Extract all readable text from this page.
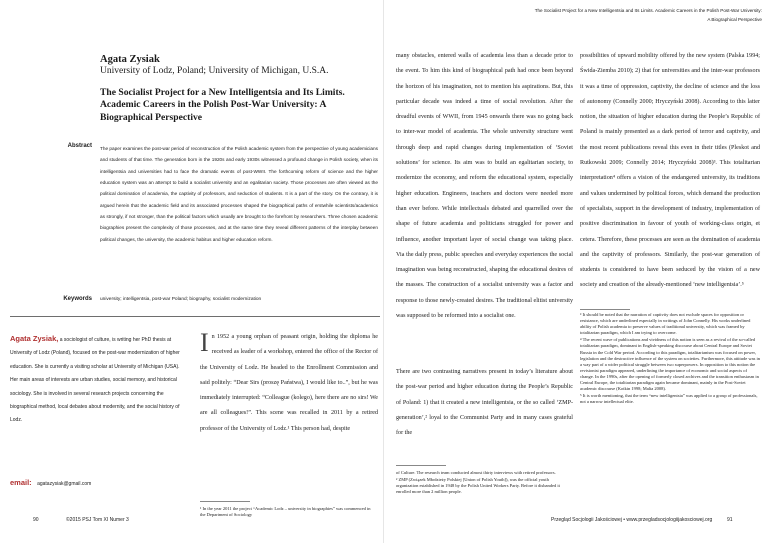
Agata Zysiak
University of Lodz, Poland; University of Michigan, U.S.A.
The Socialist Project for a New Intelligentsia and Its Limits. Academic Careers in the Polish Post-War University: A Biographical Perspective
Abstract The paper examines the post-war period of reconstruction of the Polish academic system from the perspective of young academicians and students of that time. The generation born in the 1920s and early 1930s witnessed a profound change in Polish society, when its intelligentsia and universities had to face the dramatic events of post-WWII. The forthcoming reform of science and the higher education system was an attempt to build a socialist university and an egalitarian society. Those processes are often viewed as the political domination of academia, the captivity of professors, and seduction of students. It is a part of the story. On the contrary, it is argued herein that the academic field and its associated processes shaped the biographical paths of erstwhile scientists/academics as strongly, if not stronger, than the political factors which usually are brought to the forefront by researchers. Three chosen academic biographies present the complexity of those processes, and at the same time they reveal different patterns of the interplay between political changes, the university, the academic habitus and higher education reform.
Keywords university; intelligentsia, post-war Poland; biography, socialist modernization
Agata Zysiak, a sociologist of culture, is writing her PhD thesis at University of Lodz (Poland), focused on the post-war modernization of higher education. She is currently a visiting scholar at University of Michigan (USA). Her main areas of interests are urban studies, social memory, and historical sociology. She is involved in several research projects concerning the biographical method, local debates about modernity, and the social history of Lodz.
email: agatazysiak@gmail.com
I n 1952 a young orphan of peasant origin, holding the diploma he received as leader of a workshop, entered the office of the Rector of the University of Lodz. He headed to the Enrollment Commission and said politely: “Dear Sirs (proszę Państwa), I would like to..”, but he was immediately interrupted: “Colleague (kolego), here there are no sirs! We are all colleagues!”. This scene was recalled in 2011 by a retired professor of the University of Lodz.¹ This person had, despite
¹ In the year 2011 the project “Academic Lodz – university in biographies” was commenced in the Department of Sociology
90	©2015 PSJ Tom XI Numer 3
The Socialist Project for a New Intelligentsia and Its Limits. Academic Careers in the Polish Post-War University:
A Biographical Perspective
many obstacles, entered walls of academia less than a decade prior to the event. To him this kind of biographical path had once been beyond the horizon of his imagination, not to mention his aspirations. But, this particular decade was indeed a time of social revolution. After the dreadful events of WWII, from 1945 onwards there was no going back to inter-war model of academia. The whole university structure went through deep and rapid changes during implementation of ‘Soviet solutions’ for science. Its aim was to build an egalitarian society, to modernize the economy, and reform the educational system, especially higher education. Engineers, teachers and doctors were needed more than ever before. While intellectuals debated and quarrelled over the shape of future academia and politicians struggled for power and influence, another important layer of social change was taking place. Via the daily press, public speeches and everyday experiences the social imagination was being reconstructed, shaping the educational desires of the masses. The construction of a socialist university was a factor and response to those newly-created desires. The traditional elitist university was supposed to be reformed into a socialist one.
There are two contrasting narratives present in today’s literature about the post-war period and higher education during the People’s Republic of Poland: 1) that it created a new intelligentsia, or the so called ‘ZMP-generation’,² loyal to the Communist Party and in many cases grateful for the
of Culture. The research team conducted almost thirty interviews with retired professors.
² ZMP (Związek Młodzieży Polskiej [Union of Polish Youth]), was the official youth organization established in 1948 by the Polish United Workers Party. Before it disbanded it enrolled more than 2 million people.
possibilities of upward mobility offered by the new system (Palska 1994; Świda-Ziemba 2010); 2) that for universities and the inter-war professors it was a time of oppression, captivity, the decline of science and the loss of autonomy (Connelly 2000; Hryczyński 2008). According to this latter notion, the situation of higher education during the People’s Republic of Poland is mainly presented as a dark period of terror and captivity, and the most recent publications reveal this even in their titles (Pleskot and Rutkowski 2009; Connelly 2014; Hryczyński 2008)³. This totalitarian interpretation⁴ offers a vision of the endangered university, its traditions and values undermined by political forces, which demand the production of specialists, support in the development of industry, implementation of positive discrimination in favour of youth of working-class origin, et cetera. Therefore, these processes are seen as the domination of academia and the captivity of professors. Similarly, the post-war generation of students is considered to have been seduced by the vision of a new society and creation of the already-mentioned ‘new intelligentsia’.⁵
³ It should be noted that the narration of captivity does not exclude spaces for opposition or resistance, which are underlined especially in writings of John Connelly. His works underlined ability of Polish academia to preserve values of traditional university, which was framed by totalitarian paradigm, which I am trying to overcome.
⁴ The recent wave of publications and vividness of this notion is seen as a revival of the so-called totalitarian paradigm, dominant in English-speaking discourse about Central Europe and Soviet Russia in the Cold War period. According to this paradigm, totalitarianism was focused on power, legislation and the destructive influence of the system on societies. Furthermore, this attitude was in a way part of a wider political struggle between two superpowers. In opposition to this notion the revisionist paradigm appeared, underlining the importance of economic and social aspects of change. In the 1990s, after the opening of formerly closed archives and the transition enthusiasm in Central Europe, the totalitarian paradigm again became dominant, mainly in the Post-Soviet academic discourse (Kotkin 1998; Malia 2008).
⁵ It is worth mentioning, that the term “new intelligentsia” was applied to a group of professionals, not a narrow intellectual elite.
Przegląd Socjologii Jakościowej • www.przegladsocjologiijakosciowej.org	91
